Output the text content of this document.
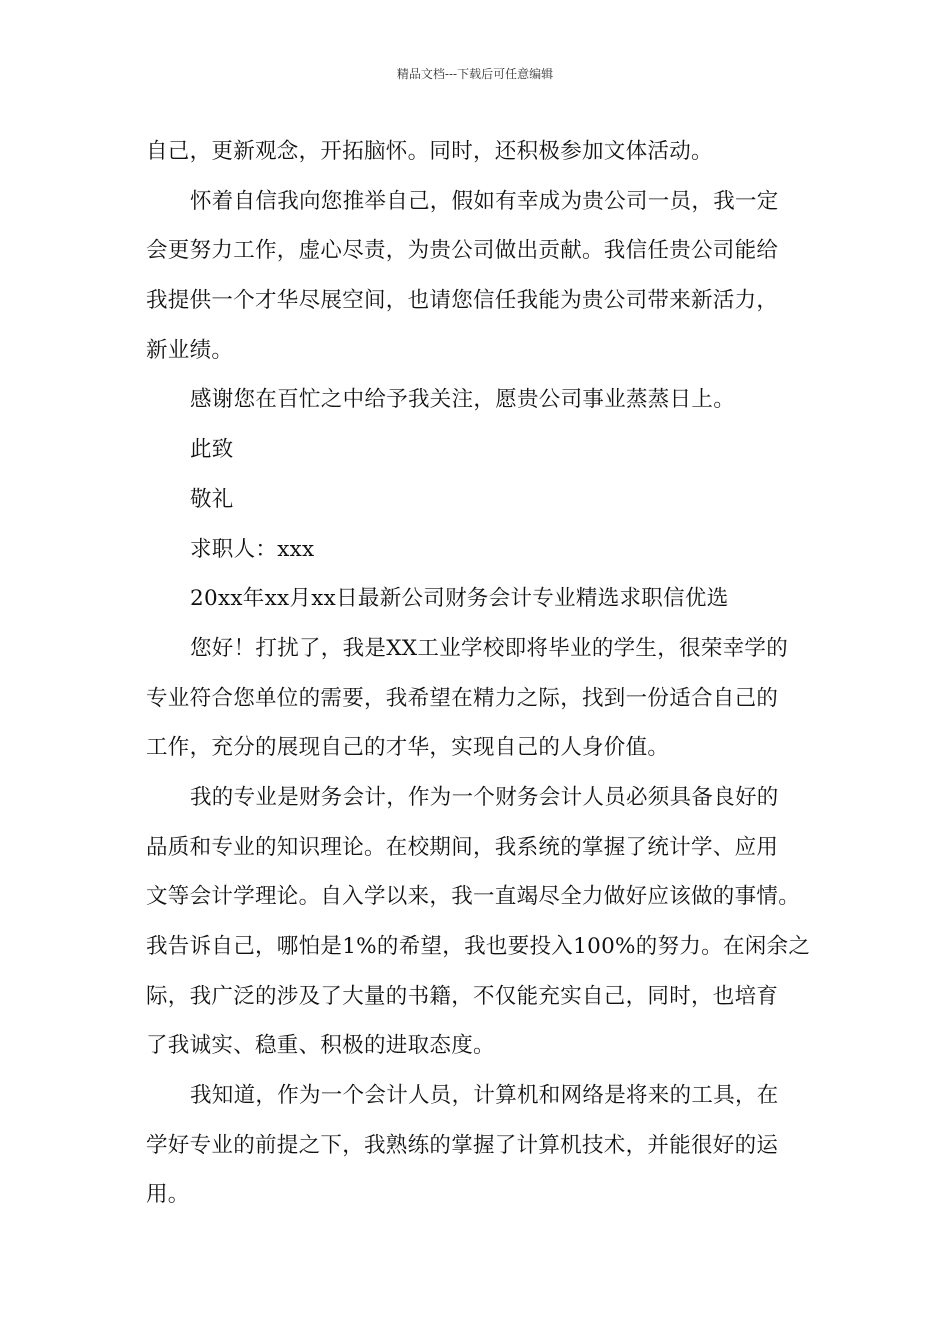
精品文档---下载后可任意编辑
自己，更新观念，开拓脑怀。同时，还积极参加文体活动。
怀着自信我向您推举自己，假如有幸成为贵公司一员，我一定
会更努力工作，虚心尽责，为贵公司做出贡献。我信任贵公司能给
我提供一个才华尽展空间，也请您信任我能为贵公司带来新活力，
新业绩。
感谢您在百忙之中给予我关注，愿贵公司事业蒸蒸日上。
此致
敬礼
求职人：xxx
20xx年xx月xx日最新公司财务会计专业精选求职信优选
您好！打扰了，我是XX工业学校即将毕业的学生，很荣幸学的
专业符合您单位的需要，我希望在精力之际，找到一份适合自己的
工作，充分的展现自己的才华，实现自己的人身价值。
我的专业是财务会计，作为一个财务会计人员必须具备良好的
品质和专业的知识理论。在校期间，我系统的掌握了统计学、应用
文等会计学理论。自入学以来，我一直竭尽全力做好应该做的事情。
我告诉自己，哪怕是1%的希望，我也要投入100%的努力。在闲余之
际，我广泛的涉及了大量的书籍，不仅能充实自己，同时，也培育
了我诚实、稳重、积极的进取态度。
我知道，作为一个会计人员，计算机和网络是将来的工具，在
学好专业的前提之下，我熟练的掌握了计算机技术，并能很好的运
用。
